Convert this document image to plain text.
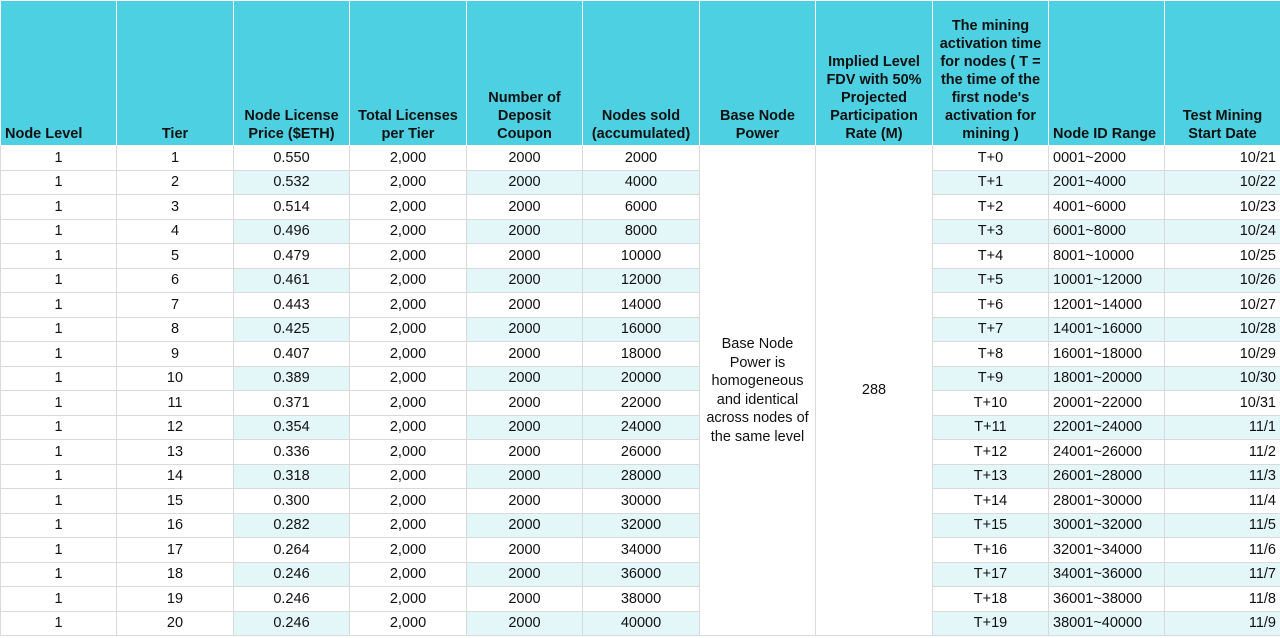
Node Level	Tier	Node License Price ($ETH)	Total Licenses per Tier	Number of Deposit Coupon	Nodes sold (accumulated)	Base Node Power	Implied Level FDV with 50% Projected Participation Rate (M)	The mining activation time for nodes ( T = the time of the first node's activation for mining )	Node ID Range	Test Mining Start Date
1	1	0.550	2,000	2000	2000	Base Node Power is homogeneous and identical across nodes of the same level	288	T+0	0001~2000	10/21
1	2	0.532	2,000	2000	4000			T+1	2001~4000	10/22
1	3	0.514	2,000	2000	6000			T+2	4001~6000	10/23
1	4	0.496	2,000	2000	8000			T+3	6001~8000	10/24
1	5	0.479	2,000	2000	10000			T+4	8001~10000	10/25
1	6	0.461	2,000	2000	12000			T+5	10001~12000	10/26
1	7	0.443	2,000	2000	14000			T+6	12001~14000	10/27
1	8	0.425	2,000	2000	16000			T+7	14001~16000	10/28
1	9	0.407	2,000	2000	18000			T+8	16001~18000	10/29
1	10	0.389	2,000	2000	20000			T+9	18001~20000	10/30
1	11	0.371	2,000	2000	22000			T+10	20001~22000	10/31
1	12	0.354	2,000	2000	24000			T+11	22001~24000	11/1
1	13	0.336	2,000	2000	26000			T+12	24001~26000	11/2
1	14	0.318	2,000	2000	28000			T+13	26001~28000	11/3
1	15	0.300	2,000	2000	30000			T+14	28001~30000	11/4
1	16	0.282	2,000	2000	32000			T+15	30001~32000	11/5
1	17	0.264	2,000	2000	34000			T+16	32001~34000	11/6
1	18	0.246	2,000	2000	36000			T+17	34001~36000	11/7
1	19	0.246	2,000	2000	38000			T+18	36001~38000	11/8
1	20	0.246	2,000	2000	40000			T+19	38001~40000	11/9
